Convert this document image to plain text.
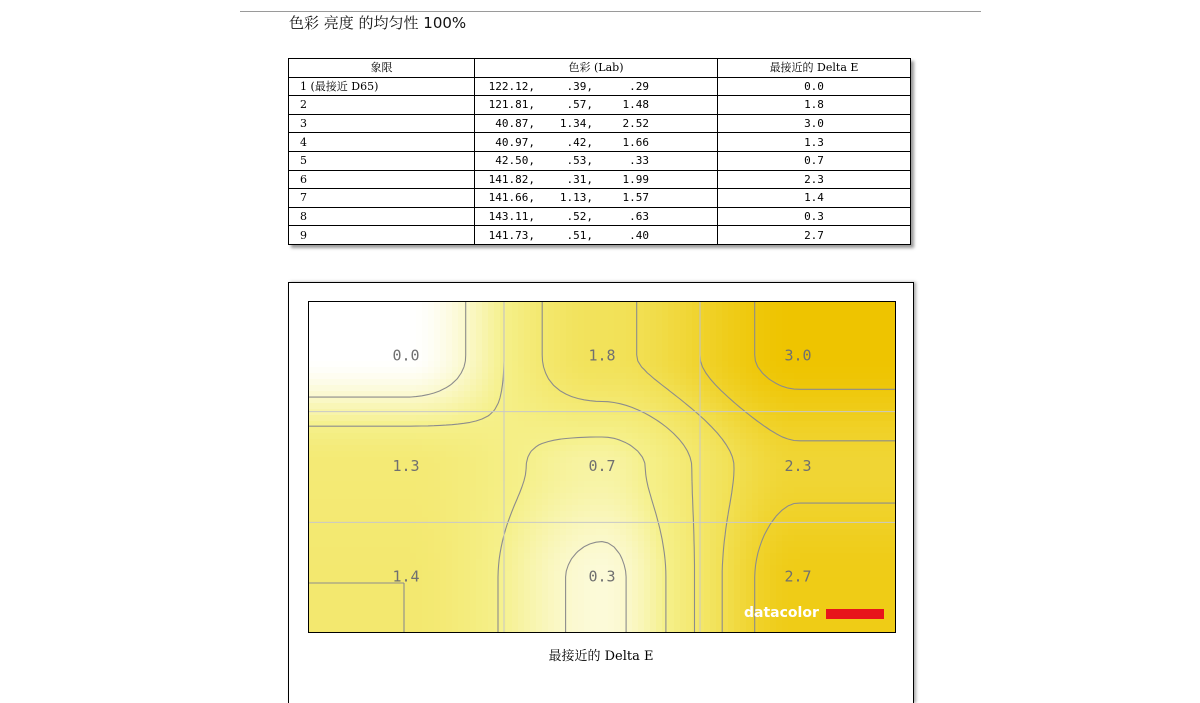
色彩 亮度 的均匀性 100%
象限	色彩 (Lab)	最接近的 Delta E
1 (最接近 D65)	122.12, .39, .29	0.0
2	121.81, .57, 1.48	1.8
3	40.87, 1.34, 2.52	3.0
4	40.97, .42, 1.66	1.3
5	42.50, .53, .33	0.7
6	141.82, .31, 1.99	2.3
7	141.66, 1.13, 1.57	1.4
8	143.11, .52, .63	0.3
9	141.73, .51, .40	2.7
0.0	1.8	3.0
1.3	0.7	2.3
1.4	0.3	2.7
datacolor
最接近的 Delta E
